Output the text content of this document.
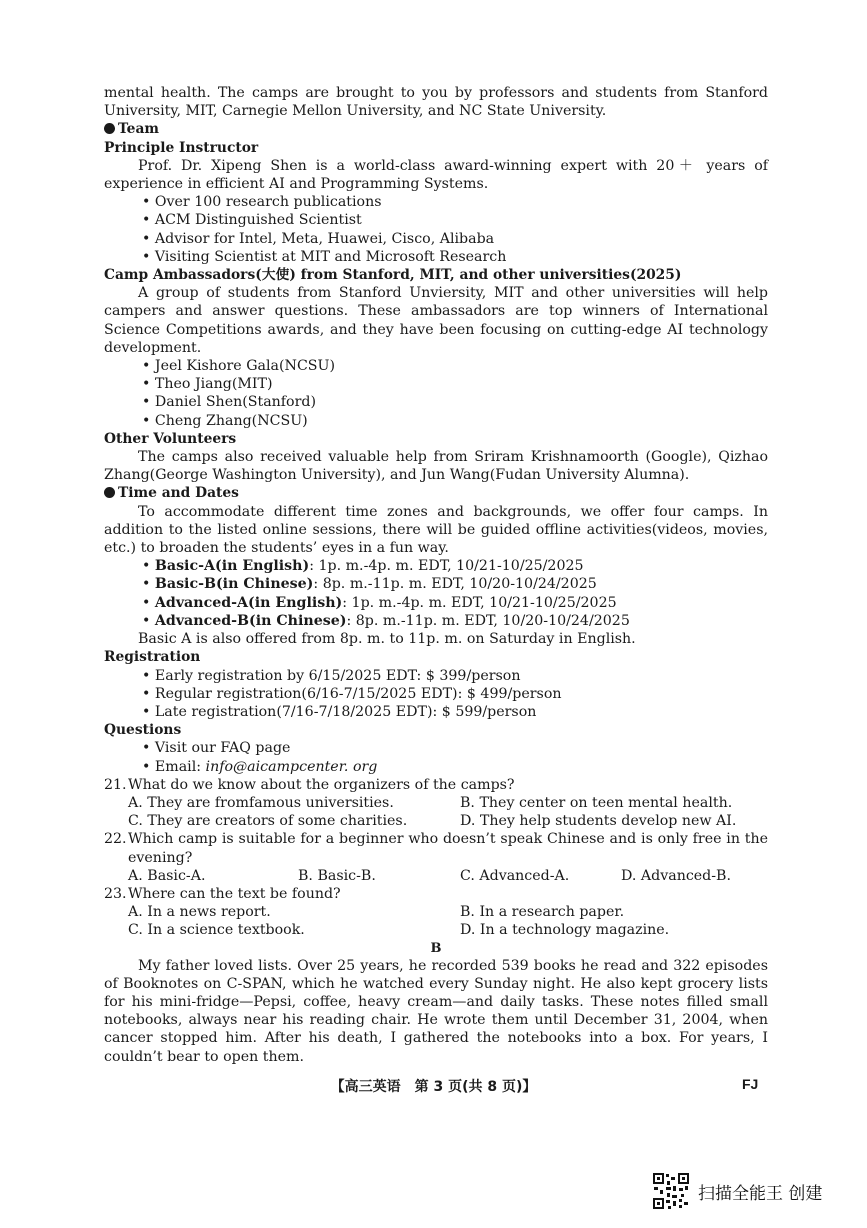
mental health. The camps are brought to you by professors and students from Stanford University, MIT, Carnegie Mellon University, and NC State University.

Team

Principle Instructor

Prof. Dr. Xipeng Shen is a world-class award-winning expert with 20＋ years of experience in efficient AI and Programming Systems.

• Over 100 research publications

• ACM Distinguished Scientist

• Advisor for Intel, Meta, Huawei, Cisco, Alibaba

• Visiting Scientist at MIT and Microsoft Research

Camp Ambassadors(大使) from Stanford, MIT, and other universities(2025)

A group of students from Stanford Unviersity, MIT and other universities will help campers and answer questions. These ambassadors are top winners of International Science Competitions awards, and they have been focusing on cutting-edge AI technology development.

• Jeel Kishore Gala(NCSU)

• Theo Jiang(MIT)

• Daniel Shen(Stanford)

• Cheng Zhang(NCSU)

Other Volunteers

The camps also received valuable help from Sriram Krishnamoorth (Google), Qizhao Zhang(George Washington University), and Jun Wang(Fudan University Alumna).

Time and Dates

To accommodate different time zones and backgrounds, we offer four camps. In addition to the listed online sessions, there will be guided offline activities(videos, movies, etc.) to broaden the students’ eyes in a fun way.

• Basic-A(in English): 1p. m.-4p. m. EDT, 10/21-10/25/2025

• Basic-B(in Chinese): 8p. m.-11p. m. EDT, 10/20-10/24/2025

• Advanced-A(in English): 1p. m.-4p. m. EDT, 10/21-10/25/2025

• Advanced-B(in Chinese): 8p. m.-11p. m. EDT, 10/20-10/24/2025

Basic A is also offered from 8p. m. to 11p. m. on Saturday in English.

Registration

• Early registration by 6/15/2025 EDT: $ 399/person

• Regular registration(6/16-7/15/2025 EDT): $ 499/person

• Late registration(7/16-7/18/2025 EDT): $ 599/person

Questions

• Visit our FAQ page

• Email: info@aicampcenter. org

21. What do we know about the organizers of the camps?

A. They are fromfamous universities.	B. They center on teen mental health.
C. They are creators of some charities.	D. They help students develop new AI.

22. Which camp is suitable for a beginner who doesn’t speak Chinese and is only free in the evening?

A. Basic-A.	B. Basic-B.	C. Advanced-A.	D. Advanced-B.

23. Where can the text be found?

A. In a news report.	B. In a research paper.
C. In a science textbook.	D. In a technology magazine.

B

My father loved lists. Over 25 years, he recorded 539 books he read and 322 episodes of Booknotes on C-SPAN, which he watched every Sunday night. He also kept grocery lists for his mini-fridge—Pepsi, coffee, heavy cream—and daily tasks. These notes filled small notebooks, always near his reading chair. He wrote them until December 31, 2004, when cancer stopped him. After his death, I gathered the notebooks into a box. For years, I couldn’t bear to open them.

【高三英语　第 3 页(共 8 页)】	FJ
扫描全能王 创建
